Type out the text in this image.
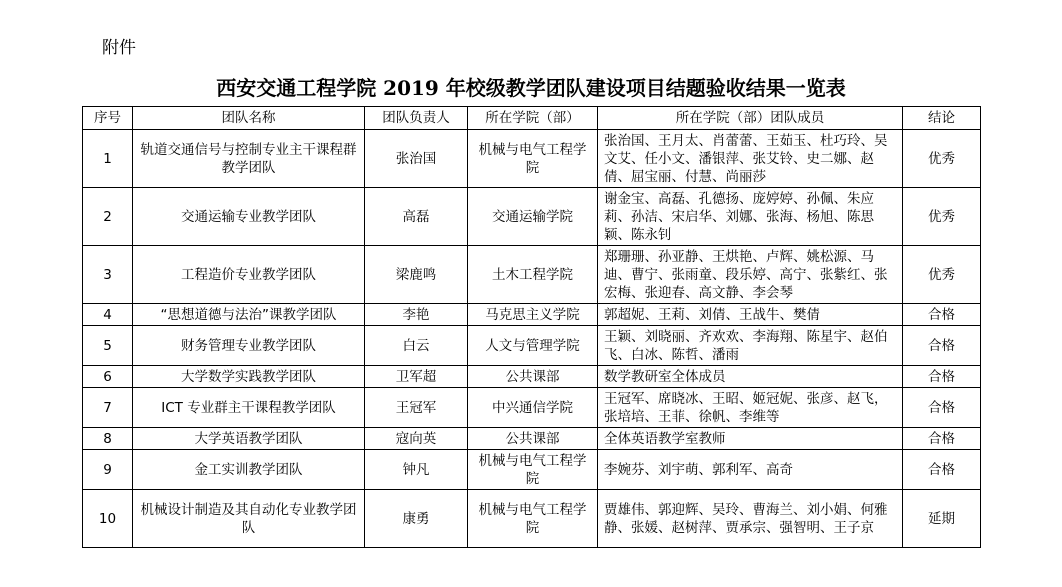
附件
西安交通工程学院 2019 年校级教学团队建设项目结题验收结果一览表
序号	团队名称	团队负责人	所在学院（部）	所在学院（部）团队成员	结论
1	轨道交通信号与控制专业主干课程群教学团队	张治国	机械与电气工程学院	张治国、王月太、肖蕾蕾、王茹玉、杜巧玲、吴文艾、任小文、潘银萍、张艾铃、史二娜、赵倩、屈宝丽、付慧、尚丽莎	优秀
2	交通运输专业教学团队	高磊	交通运输学院	谢金宝、高磊、孔德扬、庞婷婷、孙佩、朱应莉、孙洁、宋启华、刘娜、张海、杨旭、陈思颖、陈永钊	优秀
3	工程造价专业教学团队	梁鹿鸣	土木工程学院	郑珊珊、孙亚静、王烘艳、卢辉、姚松源、马迪、曹宁、张雨童、段乐婷、高宁、张紫红、张宏梅、张迎春、高文静、李会琴	优秀
4	“思想道德与法治”课教学团队	李艳	马克思主义学院	郭超妮、王莉、刘倩、王战牛、樊倩	合格
5	财务管理专业教学团队	白云	人文与管理学院	王颖、刘晓丽、齐欢欢、李海翔、陈星宇、赵伯飞、白冰、陈哲、潘雨	合格
6	大学数学实践教学团队	卫军超	公共课部	数学教研室全体成员	合格
7	ICT 专业群主干课程教学团队	王冠军	中兴通信学院	王冠军、席晓冰、王昭、姬冠妮、张彦、赵飞，张培培、王菲、徐帆、李维等	合格
8	大学英语教学团队	寇向英	公共课部	全体英语教学室教师	合格
9	金工实训教学团队	钟凡	机械与电气工程学院	李婉芬、刘宇萌、郭利军、高奇	合格
10	机械设计制造及其自动化专业教学团队	康勇	机械与电气工程学院	贾雄伟、郭迎辉、吴玲、曹海兰、刘小娟、何雅静、张媛、赵树萍、贾承宗、强智明、王子京	延期
